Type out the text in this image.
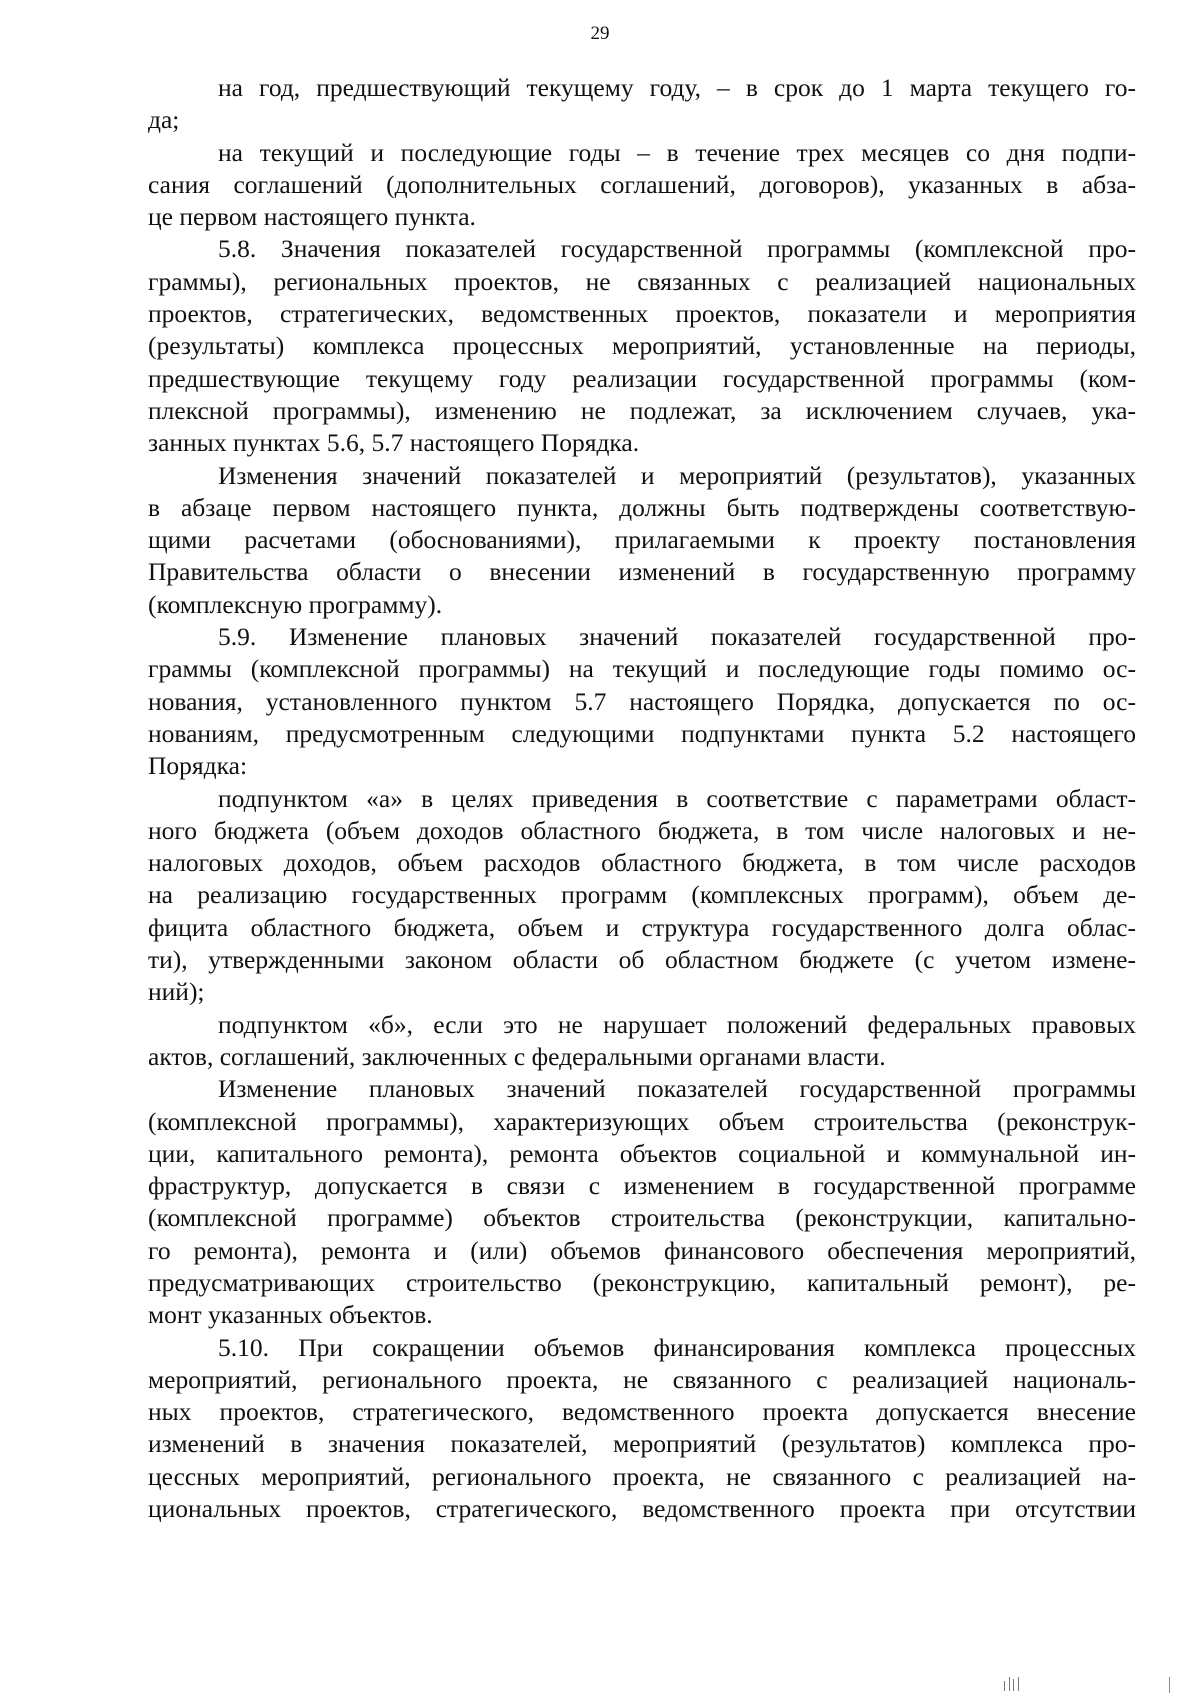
29

на год, предшествующий текущему году, – в срок до 1 марта текущего го-
да;

на текущий и последующие годы – в течение трех месяцев со дня подпи-
сания соглашений (дополнительных соглашений, договоров), указанных в абза-
це первом настоящего пункта.

5.8. Значения показателей государственной программы (комплексной про-
граммы), региональных проектов, не связанных с реализацией национальных
проектов, стратегических, ведомственных проектов, показатели и мероприятия
(результаты) комплекса процессных мероприятий, установленные на периоды,
предшествующие текущему году реализации государственной программы (ком-
плексной программы), изменению не подлежат, за исключением случаев, ука-
занных пунктах 5.6, 5.7 настоящего Порядка.

Изменения значений показателей и мероприятий (результатов), указанных
в абзаце первом настоящего пункта, должны быть подтверждены соответствую-
щими расчетами (обоснованиями), прилагаемыми к проекту постановления
Правительства области о внесении изменений в государственную программу
(комплексную программу).

5.9. Изменение плановых значений показателей государственной про-
граммы (комплексной программы) на текущий и последующие годы помимо ос-
нования, установленного пунктом 5.7 настоящего Порядка, допускается по ос-
нованиям, предусмотренным следующими подпунктами пункта 5.2 настоящего
Порядка:

подпунктом «а» в целях приведения в соответствие с параметрами област-
ного бюджета (объем доходов областного бюджета, в том числе налоговых и не-
налоговых доходов, объем расходов областного бюджета, в том числе расходов
на реализацию государственных программ (комплексных программ), объем де-
фицита областного бюджета, объем и структура государственного долга облас-
ти), утвержденными законом области об областном бюджете (с учетом измене-
ний);

подпунктом «б», если это не нарушает положений федеральных правовых
актов, соглашений, заключенных с федеральными органами власти.

Изменение плановых значений показателей государственной программы
(комплексной программы), характеризующих объем строительства (реконструк-
ции, капитального ремонта), ремонта объектов социальной и коммунальной ин-
фраструктур, допускается в связи с изменением в государственной программе
(комплексной программе) объектов строительства (реконструкции, капитально-
го ремонта), ремонта и (или) объемов финансового обеспечения мероприятий,
предусматривающих строительство (реконструкцию, капитальный ремонт), ре-
монт указанных объектов.

5.10. При сокращении объемов финансирования комплекса процессных
мероприятий, регионального проекта, не связанного с реализацией националь-
ных проектов, стратегического, ведомственного проекта допускается внесение
изменений в значения показателей, мероприятий (результатов) комплекса про-
цессных мероприятий, регионального проекта, не связанного с реализацией на-
циональных проектов, стратегического, ведомственного проекта при отсутствии
